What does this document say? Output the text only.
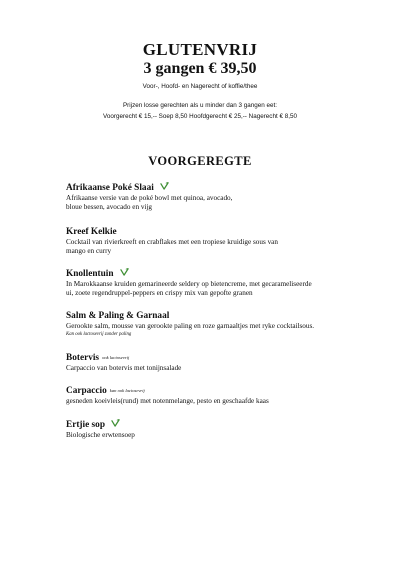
GLUTENVRIJ
3 gangen € 39,50
Voor-, Hoofd- en Nagerecht of koffie/thee
Prijzen losse gerechten als u minder dan 3 gangen eet:
Voorgerecht € 15,-- Soep 8,50 Hoofdgerecht € 25,-- Nagerecht € 8,50
VOORGEREGTE
Afrikaanse Poké Slaai
Afrikaanse versie van de poké bowl met quinoa, avocado,
bloue bessen, avocado en vijg
Kreef Kelkie
Cocktail van rivierkreeft en crabflakes met een tropiese kruidige sous van
mango en curry
Knollentuin
In Marokkaanse kruiden gemarineerde seldery op bietencreme, met gecarameliseerde
ui, zoete regendruppel-peppers en crispy mix van gepofte granen
Salm & Paling & Garnaal
Gerookte salm, mousse van gerookte paling en roze garnaaltjes met ryke cocktailsous.
Kan ook lactosevrij zonder paling
Botervis ook lactosevrij
Carpaccio van botervis met tonijnsalade
Carpaccio kan ook lactosevrij
gesneden koeivleis(rund) met notenmelange, pesto en geschaafde kaas
Ertjie sop
Biologische erwtensoep
